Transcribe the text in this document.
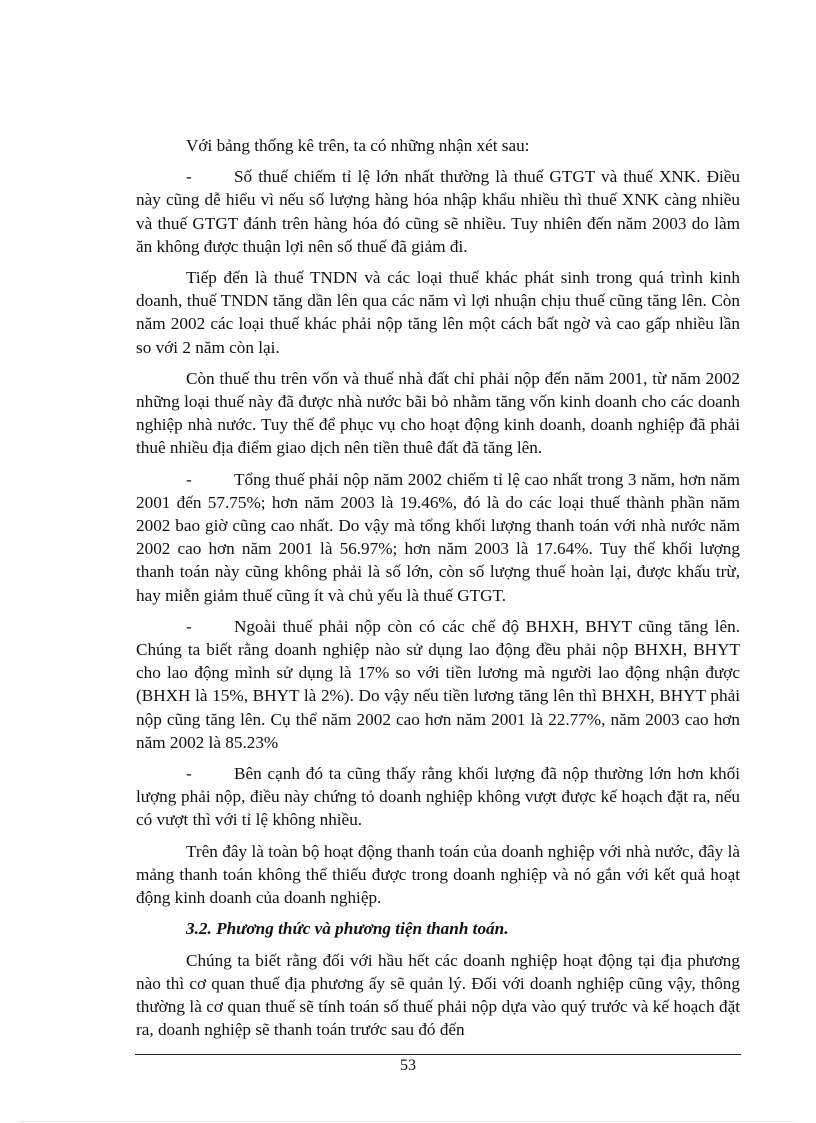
Với bảng thống kê trên, ta có những nhận xét sau:

- Số thuế chiếm tỉ lệ lớn nhất thường là thuế GTGT và thuế XNK. Điều này cũng dễ hiểu vì nếu số lượng hàng hóa nhập khẩu nhiều thì thuế XNK càng nhiều và thuế GTGT đánh trên hàng hóa đó cũng sẽ nhiều. Tuy nhiên đến năm 2003 do làm ăn không được thuận lợi nên số thuế đã giảm đi.

Tiếp đến là thuế TNDN và các loại thuế khác phát sinh trong quá trình kinh doanh, thuế TNDN tăng dần lên qua các năm vì lợi nhuận chịu thuế cũng tăng lên. Còn năm 2002 các loại thuế khác phải nộp tăng lên một cách bất ngờ và cao gấp nhiều lần so với 2 năm còn lại.

Còn thuế thu trên vốn và thuế nhà đất chỉ phải nộp đến năm 2001, từ năm 2002 những loại thuế này đã được nhà nước bãi bỏ nhằm tăng vốn kinh doanh cho các doanh nghiệp nhà nước. Tuy thế để phục vụ cho hoạt động kinh doanh, doanh nghiệp đã phải thuê nhiều địa điểm giao dịch nên tiền thuê đất đã tăng lên.

- Tổng thuế phải nộp năm 2002 chiếm tỉ lệ cao nhất trong 3 năm, hơn năm 2001 đến 57.75%; hơn năm 2003 là 19.46%, đó là do các loại thuế thành phần năm 2002 bao giờ cũng cao nhất. Do vậy mà tổng khối lượng thanh toán với nhà nước năm 2002 cao hơn năm 2001 là 56.97%; hơn năm 2003 là 17.64%. Tuy thế khối lượng thanh toán này cũng không phải là số lớn, còn số lượng thuế hoàn lại, được khấu trừ, hay miễn giảm thuế cũng ít và chủ yếu là thuế GTGT.

- Ngoài thuế phải nộp còn có các chế độ BHXH, BHYT cũng tăng lên. Chúng ta biết rằng doanh nghiệp nào sử dụng lao động đều phải nộp BHXH, BHYT cho lao động mình sử dụng là 17% so với tiền lương mà người lao động nhận được (BHXH là 15%, BHYT là 2%). Do vậy nếu tiền lương tăng lên thì BHXH, BHYT phải nộp cũng tăng lên. Cụ thể năm 2002 cao hơn năm 2001 là 22.77%, năm 2003 cao hơn năm 2002 là 85.23%

- Bên cạnh đó ta cũng thấy rằng khối lượng đã nộp thường lớn hơn khối lượng phải nộp, điều này chứng tỏ doanh nghiệp không vượt được kế hoạch đặt ra, nếu có vượt thì với tỉ lệ không nhiều.

Trên đây là toàn bộ hoạt động thanh toán của doanh nghiệp với nhà nước, đây là mảng thanh toán không thể thiếu được trong doanh nghiệp và nó gắn với kết quả hoạt động kinh doanh của doanh nghiệp.

3.2. Phương thức và phương tiện thanh toán.

Chúng ta biết rằng đối với hầu hết các doanh nghiệp hoạt động tại địa phương nào thì cơ quan thuế địa phương ấy sẽ quản lý. Đối với doanh nghiệp cũng vậy, thông thường là cơ quan thuế sẽ tính toán số thuế phải nộp dựa vào quý trước và kế hoạch đặt ra, doanh nghiệp sẽ thanh toán trước sau đó đến

53
